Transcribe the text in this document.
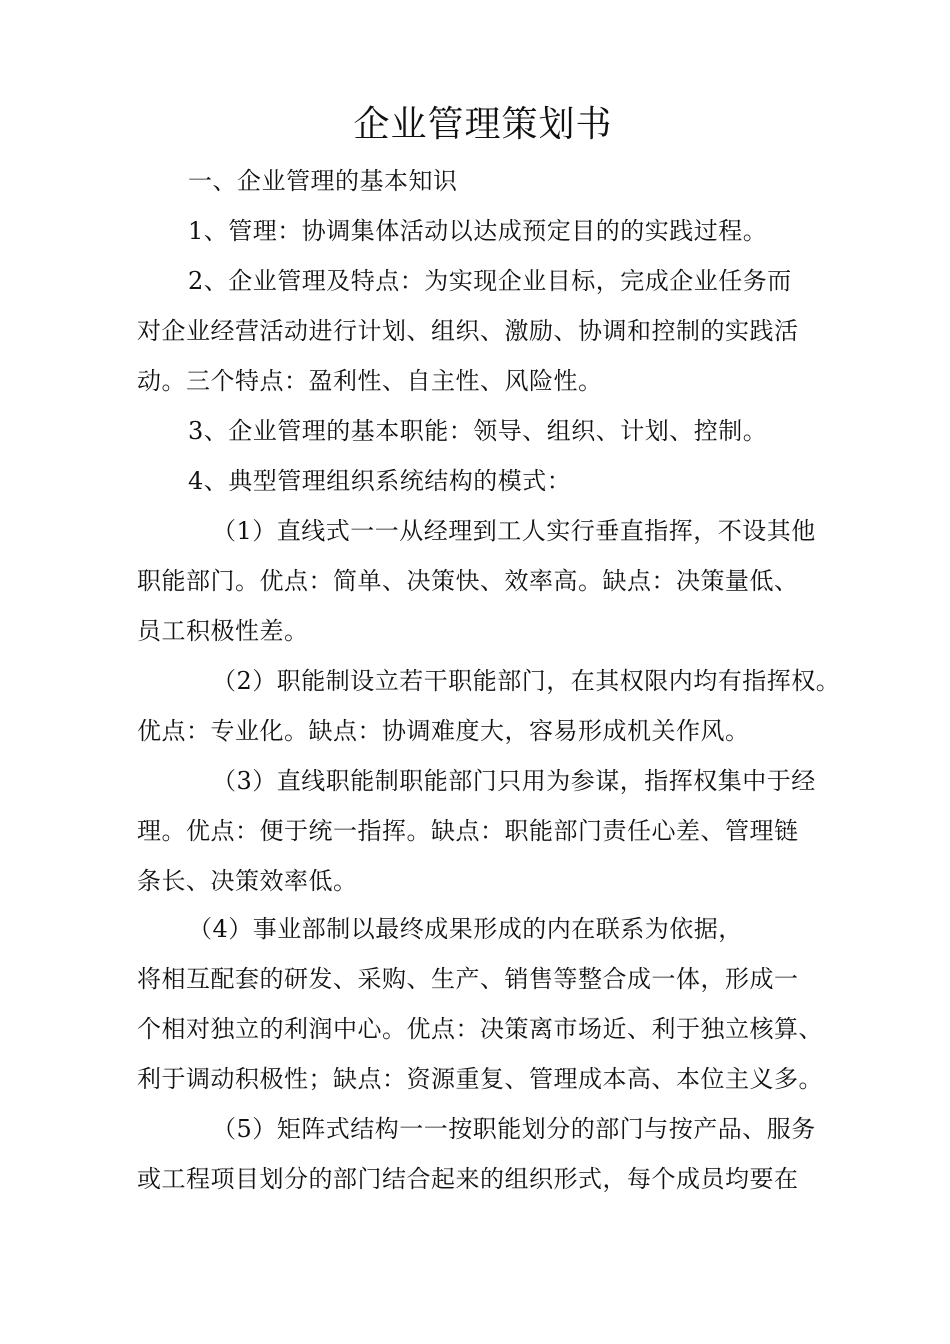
企业管理策划书
一、企业管理的基本知识
1、管理：协调集体活动以达成预定目的的实践过程。
2、企业管理及特点：为实现企业目标，完成企业任务而
对企业经营活动进行计划、组织、激励、协调和控制的实践活
动。三个特点：盈利性、自主性、风险性。
3、企业管理的基本职能：领导、组织、计划、控制。
4、典型管理组织系统结构的模式：
（1）直线式一一从经理到工人实行垂直指挥，不设其他
职能部门。优点：简单、决策快、效率高。缺点：决策量低、
员工积极性差。
（2）职能制设立若干职能部门，在其权限内均有指挥权。
优点：专业化。缺点：协调难度大，容易形成机关作风。
（3）直线职能制职能部门只用为参谋，指挥权集中于经
理。优点：便于统一指挥。缺点：职能部门责任心差、管理链
条长、决策效率低。
（4）事业部制以最终成果形成的内在联系为依据，
将相互配套的研发、采购、生产、销售等整合成一体，形成一
个相对独立的利润中心。优点：决策离市场近、利于独立核算、
利于调动积极性；缺点：资源重复、管理成本高、本位主义多。
（5）矩阵式结构一一按职能划分的部门与按产品、服务
或工程项目划分的部门结合起来的组织形式，每个成员均要在
